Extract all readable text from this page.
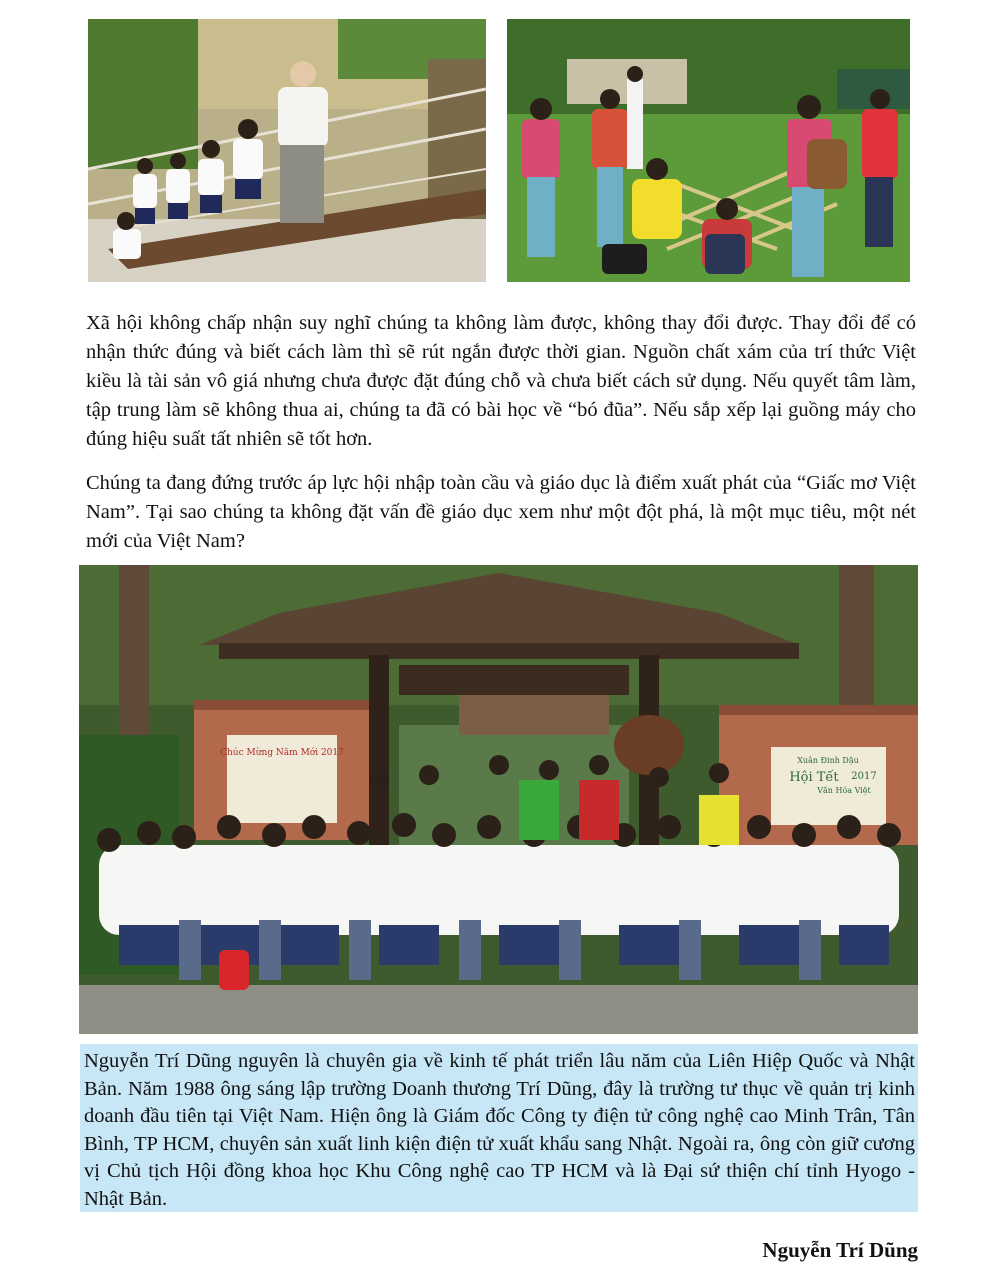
Xã hội không chấp nhận suy nghĩ chúng ta không làm được, không thay đổi được. Thay đổi để có nhận thức đúng và biết cách làm thì sẽ rút ngắn được thời gian. Nguồn chất xám của trí thức Việt kiều là tài sản vô giá nhưng chưa được đặt đúng chỗ và chưa biết cách sử dụng. Nếu quyết tâm làm, tập trung làm sẽ không thua ai, chúng ta đã có bài học về “bó đũa”. Nếu sắp xếp lại guồng máy cho đúng hiệu suất tất nhiên sẽ tốt hơn.

Chúng ta đang đứng trước áp lực hội nhập toàn cầu và giáo dục là điểm xuất phát của “Giấc mơ Việt Nam”. Tại sao chúng ta không đặt vấn đề giáo dục xem như một đột phá, là một mục tiêu, một nét mới của Việt Nam?

Chúc Mừng Năm Mới 2017
Xuân Đinh Dậu
Hội Tết 2017
Văn Hóa Việt
Nguyễn Trí Dũng nguyên là chuyên gia về kinh tế phát triển lâu năm của Liên Hiệp Quốc và Nhật Bản. Năm 1988 ông sáng lập trường Doanh thương Trí Dũng, đây là trường tư thục về quản trị kinh doanh đầu tiên tại Việt Nam. Hiện ông là Giám đốc Công ty điện tử công nghệ cao Minh Trân, Tân Bình, TP HCM, chuyên sản xuất linh kiện điện tử xuất khẩu sang Nhật. Ngoài ra, ông còn giữ cương vị Chủ tịch Hội đồng khoa học Khu Công nghệ cao TP HCM và là Đại sứ thiện chí tỉnh Hyogo - Nhật Bản.
Nguyễn Trí Dũng
